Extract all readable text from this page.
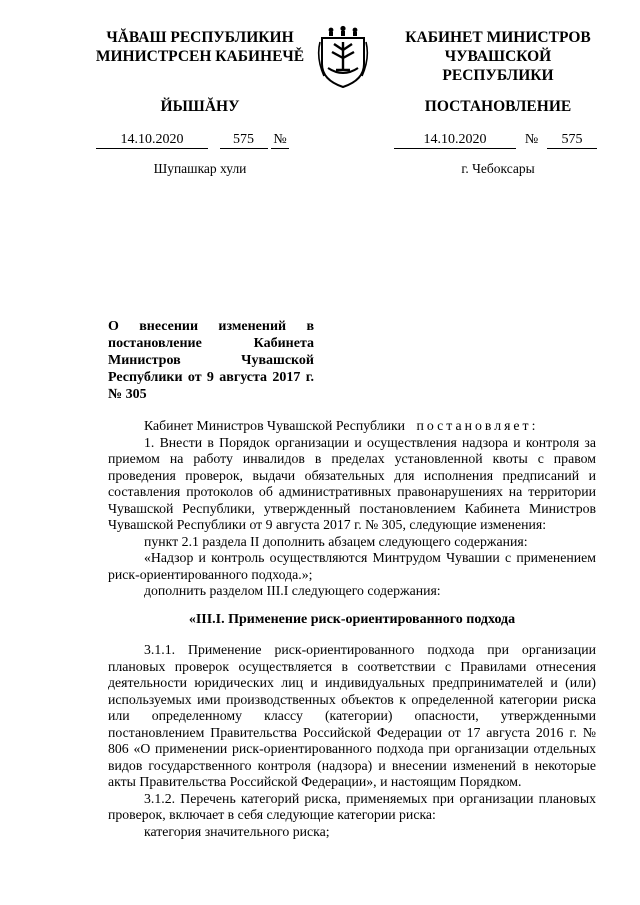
ЧĂВАШ РЕСПУБЛИКИН
МИНИСТРСЕН КАБИНЕЧĚ
КАБИНЕТ МИНИСТРОВ
ЧУВАШСКОЙ РЕСПУБЛИКИ
ЙЫШĂНУ	ПОСТАНОВЛЕНИЕ
14.10.2020	575 №	14.10.2020	№ 575
Шупашкар хули	г. Чебоксары
О внесении изменений в постановление Кабинета Министров Чувашской Республики от 9 августа 2017 г. № 305

Кабинет Министров Чувашской Республики постановляет:

1. Внести в Порядок организации и осуществления надзора и контроля за приемом на работу инвалидов в пределах установленной квоты с правом проведения проверок, выдачи обязательных для исполнения предписаний и составления протоколов об административных правонарушениях на территории Чувашской Республики, утвержденный постановлением Кабинета Министров Чувашской Республики от 9 августа 2017 г. № 305, следующие изменения:

пункт 2.1 раздела II дополнить абзацем следующего содержания:

«Надзор и контроль осуществляются Минтрудом Чувашии с применением риск-ориентированного подхода.»;

дополнить разделом III.I следующего содержания:

«III.I. Применение риск-ориентированного подхода

3.1.1. Применение риск-ориентированного подхода при организации плановых проверок осуществляется в соответствии с Правилами отнесения деятельности юридических лиц и индивидуальных предпринимателей и (или) используемых ими производственных объектов к определенной категории риска или определенному классу (категории) опасности, утвержденными постановлением Правительства Российской Федерации от 17 августа 2016 г. № 806 «О применении риск-ориентированного подхода при организации отдельных видов государственного контроля (надзора) и внесении изменений в некоторые акты Правительства Российской Федерации», и настоящим Порядком.

3.1.2. Перечень категорий риска, применяемых при организации плановых проверок, включает в себя следующие категории риска:

категория значительного риска;
